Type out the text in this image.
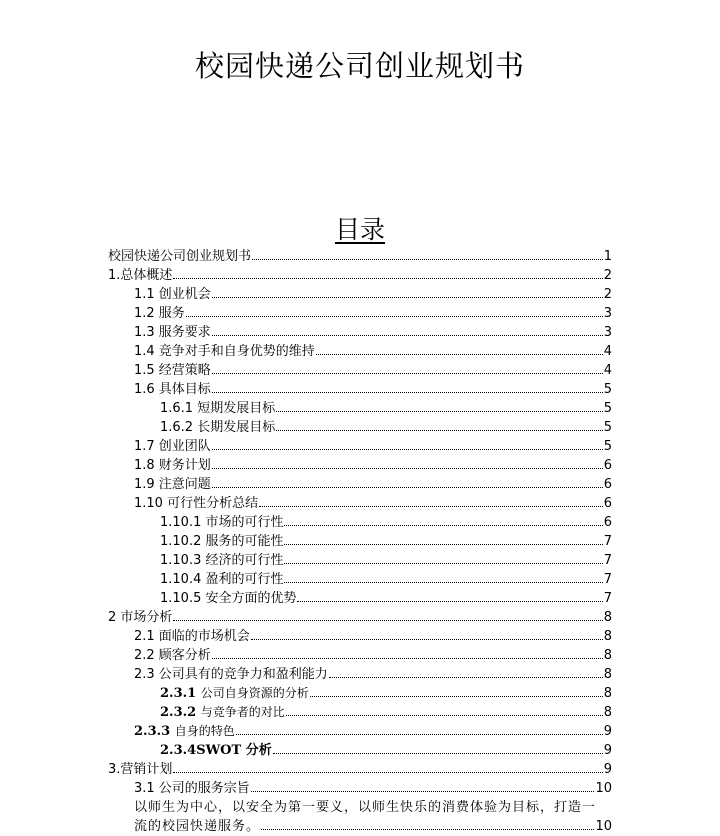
校园快递公司创业规划书
目录
校园快递公司创业规划书	1
1.总体概述	2
1.1 创业机会	2
1.2 服务	3
1.3 服务要求	3
1.4 竞争对手和自身优势的维持	4
1.5 经营策略	4
1.6 具体目标	5
1.6.1 短期发展目标	5
1.6.2 长期发展目标	5
1.7 创业团队	5
1.8 财务计划	6
1.9 注意问题	6
1.10 可行性分析总结	6
1.10.1 市场的可行性	6
1.10.2 服务的可能性	7
1.10.3 经济的可行性	7
1.10.4 盈利的可行性	7
1.10.5 安全方面的优势	7
2 市场分析	8
2.1 面临的市场机会	8
2.2 顾客分析	8
2.3 公司具有的竞争力和盈利能力	8
2.3.1 公司自身资源的分析	8
2.3.2 与竞争者的对比	8
2.3.3 自身的特色	9
2.3.4SWOT 分析	9
3.营销计划	9
3.1 公司的服务宗旨	10
以师生为中心，以安全为第一要义，以师生快乐的消费体验为目标，打造一
流的校园快递服务。	10
